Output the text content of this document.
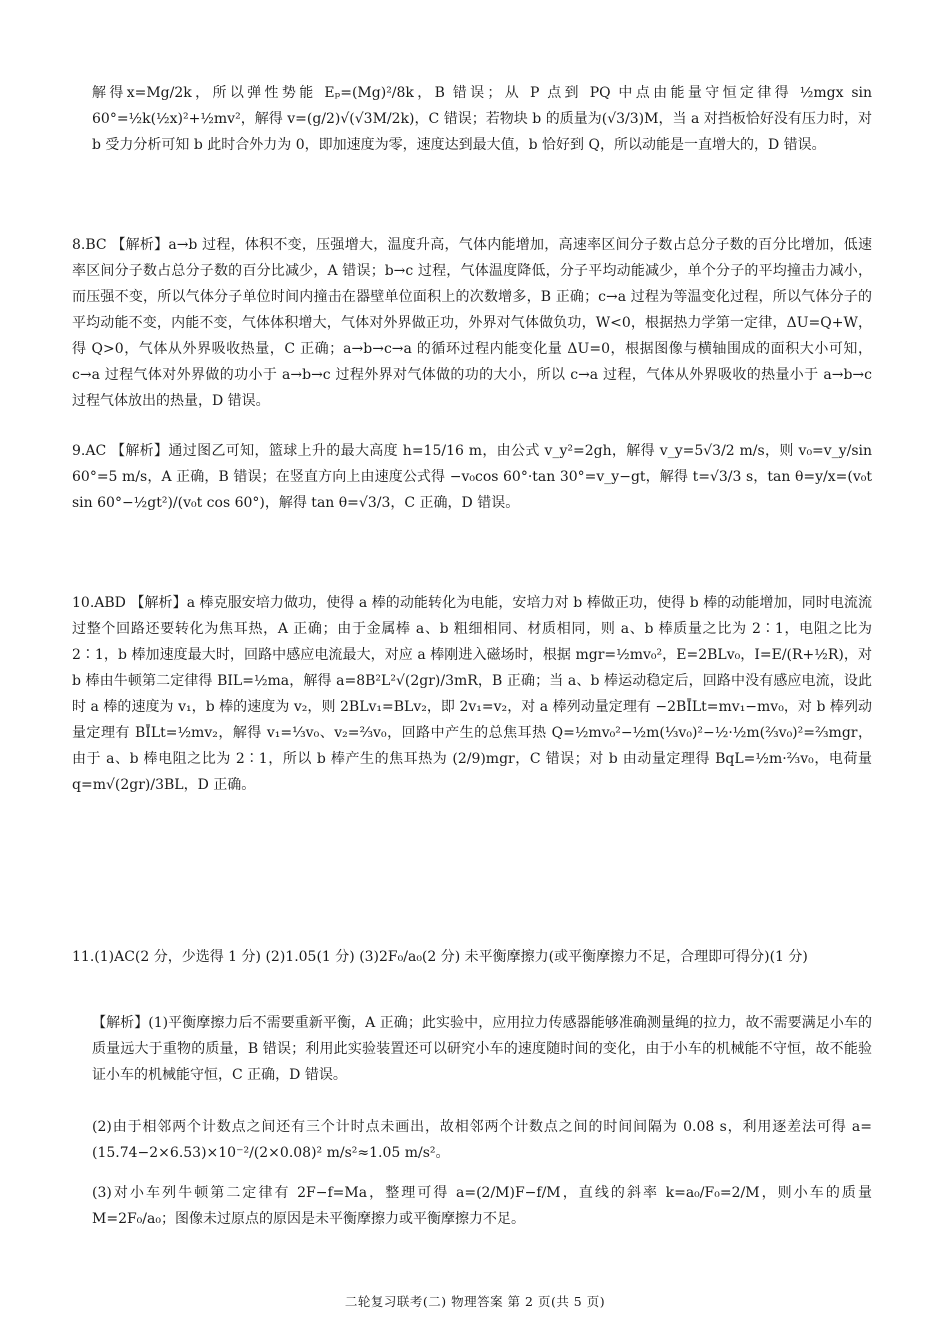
解得x=Mg/2k，所以弹性势能 Eₚ=(Mg)²/8k，B 错误；从 P 点到 PQ 中点由能量守恒定律得 ½mgx sin 60°=½k(½x)²+½mv²，解得 v=(g/2)√(√3M/2k)，C 错误；若物块 b 的质量为(√3/3)M，当 a 对挡板恰好没有压力时，对 b 受力分析可知 b 此时合外力为 0，即加速度为零，速度达到最大值，b 恰好到 Q，所以动能是一直增大的，D 错误。

8.BC 【解析】a→b 过程，体积不变，压强增大，温度升高，气体内能增加，高速率区间分子数占总分子数的百分比增加，低速率区间分子数占总分子数的百分比减少，A 错误；b→c 过程，气体温度降低，分子平均动能减少，单个分子的平均撞击力减小，而压强不变，所以气体分子单位时间内撞击在器壁单位面积上的次数增多，B 正确；c→a 过程为等温变化过程，所以气体分子的平均动能不变，内能不变，气体体积增大，气体对外界做正功，外界对气体做负功，W<0，根据热力学第一定律，ΔU=Q+W，得 Q>0，气体从外界吸收热量，C 正确；a→b→c→a 的循环过程内能变化量 ΔU=0，根据图像与横轴围成的面积大小可知，c→a 过程气体对外界做的功小于 a→b→c 过程外界对气体做的功的大小，所以 c→a 过程，气体从外界吸收的热量小于 a→b→c 过程气体放出的热量，D 错误。

9.AC 【解析】通过图乙可知，篮球上升的最大高度 h=15/16 m，由公式 v_y²=2gh，解得 v_y=5√3/2 m/s，则 v₀=v_y/sin 60°=5 m/s，A 正确，B 错误；在竖直方向上由速度公式得 −v₀cos 60°·tan 30°=v_y−gt，解得 t=√3/3 s，tan θ=y/x=(v₀t sin 60°−½gt²)/(v₀t cos 60°)，解得 tan θ=√3/3，C 正确，D 错误。

10.ABD 【解析】a 棒克服安培力做功，使得 a 棒的动能转化为电能，安培力对 b 棒做正功，使得 b 棒的动能增加，同时电流流过整个回路还要转化为焦耳热，A 正确；由于金属棒 a、b 粗细相同、材质相同，则 a、b 棒质量之比为 2∶1，电阻之比为 2∶1，b 棒加速度最大时，回路中感应电流最大，对应 a 棒刚进入磁场时，根据 mgr=½mv₀²，E=2BLv₀，I=E/(R+½R)，对 b 棒由牛顿第二定律得 BIL=½ma，解得 a=8B²L²√(2gr)/3mR，B 正确；当 a、b 棒运动稳定后，回路中没有感应电流，设此时 a 棒的速度为 v₁，b 棒的速度为 v₂，则 2BLv₁=BLv₂，即 2v₁=v₂，对 a 棒列动量定理有 −2BĪLt=mv₁−mv₀，对 b 棒列动量定理有 BĪLt=½mv₂，解得 v₁=⅓v₀、v₂=⅔v₀，回路中产生的总焦耳热 Q=½mv₀²−½m(⅓v₀)²−½·½m(⅔v₀)²=⅔mgr，由于 a、b 棒电阻之比为 2∶1，所以 b 棒产生的焦耳热为 (2/9)mgr，C 错误；对 b 由动量定理得 BqL=½m·⅔v₀，电荷量 q=m√(2gr)/3BL，D 正确。

11.(1)AC(2 分，少选得 1 分) (2)1.05(1 分) (3)2F₀/a₀(2 分) 未平衡摩擦力(或平衡摩擦力不足，合理即可得分)(1 分)

【解析】(1)平衡摩擦力后不需要重新平衡，A 正确；此实验中，应用拉力传感器能够准确测量绳的拉力，故不需要满足小车的质量远大于重物的质量，B 错误；利用此实验装置还可以研究小车的速度随时间的变化，由于小车的机械能不守恒，故不能验证小车的机械能守恒，C 正确，D 错误。

(2)由于相邻两个计数点之间还有三个计时点未画出，故相邻两个计数点之间的时间间隔为 0.08 s，利用逐差法可得 a=(15.74−2×6.53)×10⁻²/(2×0.08)² m/s²≈1.05 m/s²。

(3)对小车列牛顿第二定律有 2F−f=Ma，整理可得 a=(2/M)F−f/M，直线的斜率 k=a₀/F₀=2/M，则小车的质量 M=2F₀/a₀；图像未过原点的原因是未平衡摩擦力或平衡摩擦力不足。

二轮复习联考(二) 物理答案 第 2 页(共 5 页)
